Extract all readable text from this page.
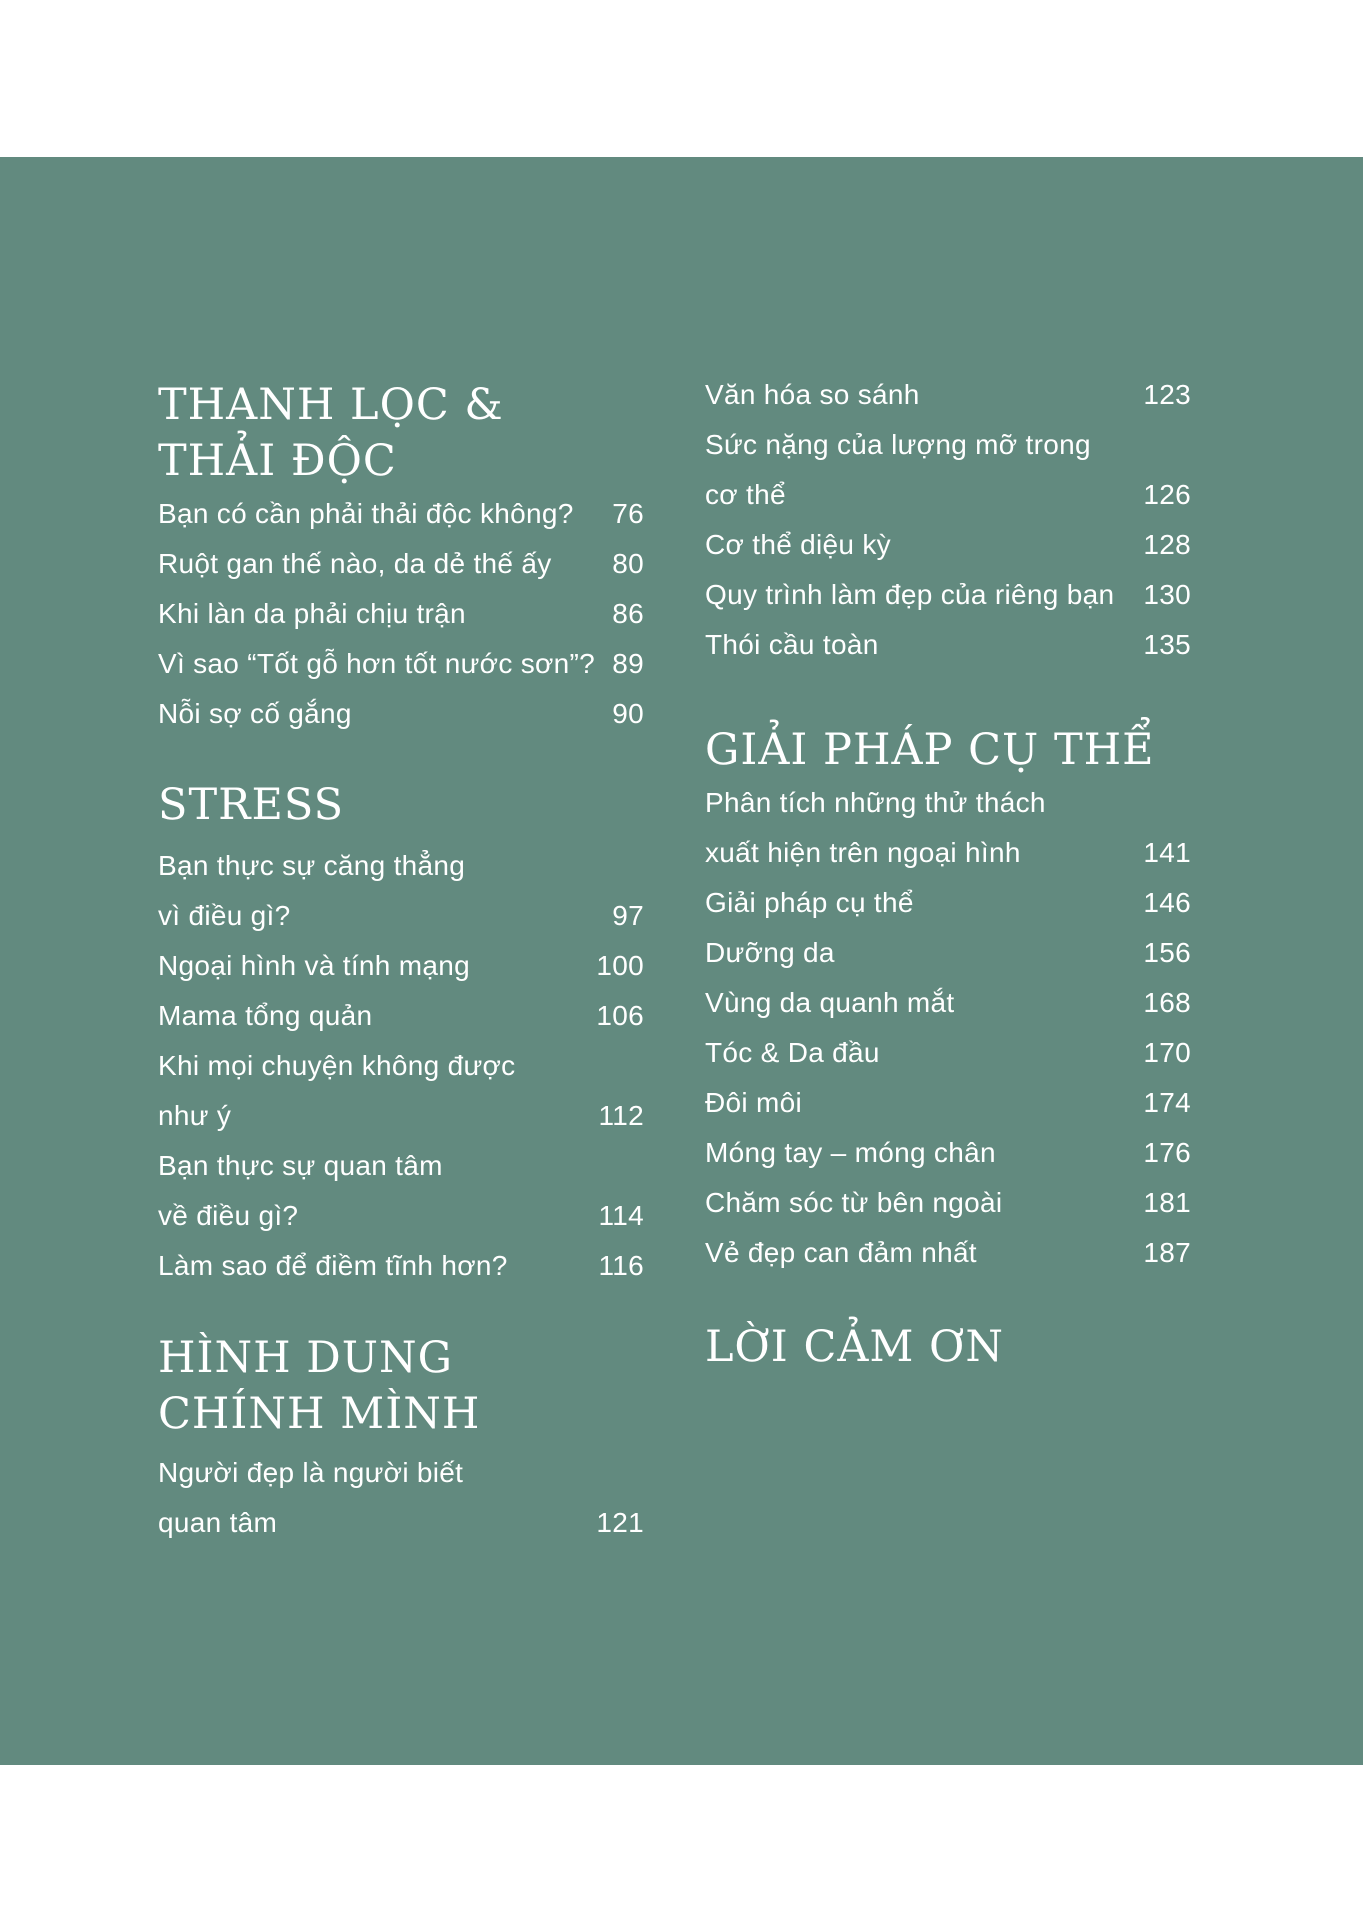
THANH LỌC &
THẢI ĐỘC
Bạn có cần phải thải độc không? 76
Ruột gan thế nào, da dẻ thế ấy 80
Khi làn da phải chịu trận	86
Vì sao “Tốt gỗ hơn tốt nước sơn”? 89
Nỗi sợ cố gắng	90
STRESS
Bạn thực sự căng thẳng
vì điều gì?	97
Ngoại hình và tính mạng	100
Mama tổng quản	106
Khi mọi chuyện không được
như ý	112
Bạn thực sự quan tâm
về điều gì?	114
Làm sao để điềm tĩnh hơn?	116
HÌNH DUNG
CHÍNH MÌNH
Người đẹp là người biết
quan tâm	121
Văn hóa so sánh	123
Sức nặng của lượng mỡ trong
cơ thể	126
Cơ thể diệu kỳ	128
Quy trình làm đẹp của riêng bạn 130
Thói cầu toàn	135
GIẢI PHÁP CỤ THỂ
Phân tích những thử thách
xuất hiện trên ngoại hình	141
Giải pháp cụ thể	146
Dưỡng da	156
Vùng da quanh mắt	168
Tóc & Da đầu	170
Đôi môi	174
Móng tay – móng chân	176
Chăm sóc từ bên ngoài	181
Vẻ đẹp can đảm nhất	187
LỜI CẢM ƠN
